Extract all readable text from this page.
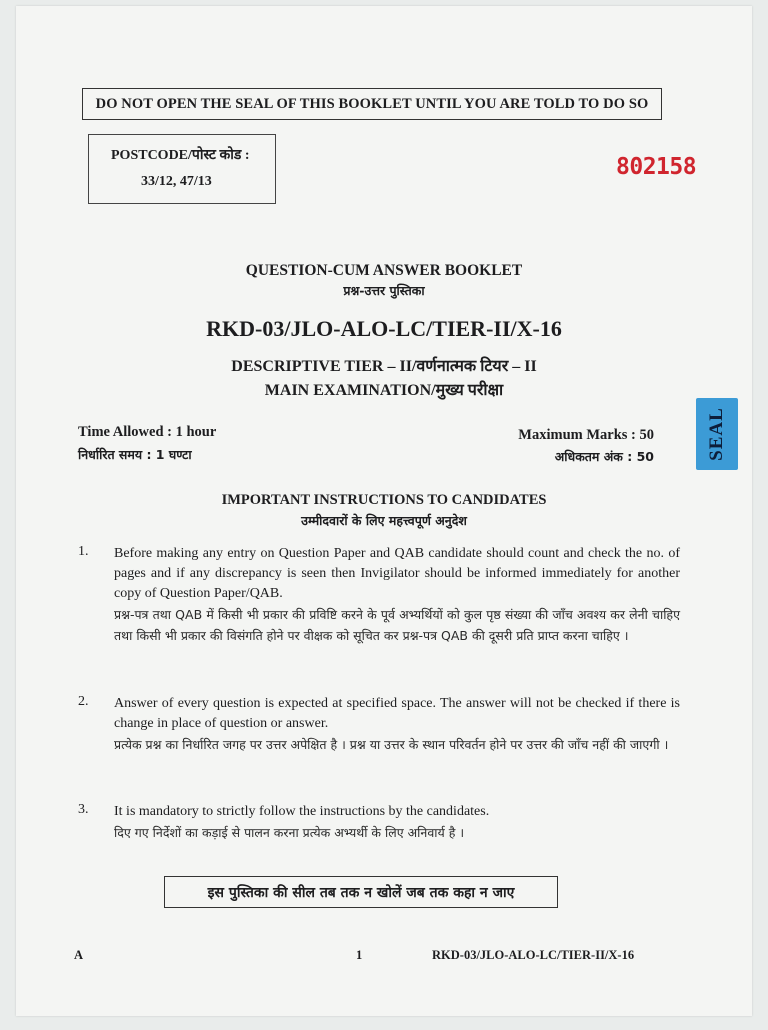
DO NOT OPEN THE SEAL OF THIS BOOKLET UNTIL YOU ARE TOLD TO DO SO
POSTCODE/पोस्ट कोड :
33/12, 47/13
802158
QUESTION-CUM ANSWER BOOKLET
प्रश्न-उत्तर पुस्तिका
RKD-03/JLO-ALO-LC/TIER-II/X-16
DESCRIPTIVE TIER – II/वर्णनात्मक टियर – II
MAIN EXAMINATION/मुख्य परीक्षा
Time Allowed : 1 hour
निर्धारित समय : 1 घण्टा
Maximum Marks : 50
अधिकतम अंक : 50	SEAL
IMPORTANT INSTRUCTIONS TO CANDIDATES
उम्मीदवारों के लिए महत्त्वपूर्ण अनुदेश
1. Before making any entry on Question Paper and QAB candidate should count and check the no. of pages and if any discrepancy is seen then Invigilator should be informed immediately for another copy of Question Paper/QAB.
प्रश्न-पत्र तथा QAB में किसी भी प्रकार की प्रविष्टि करने के पूर्व अभ्यर्थियों को कुल पृष्ठ संख्या की जाँच अवश्य कर लेनी चाहिए तथा किसी भी प्रकार की विसंगति होने पर वीक्षक को सूचित कर प्रश्न-पत्र QAB की दूसरी प्रति प्राप्त करना चाहिए ।
2. Answer of every question is expected at specified space. The answer will not be checked if there is change in place of question or answer.
प्रत्येक प्रश्न का निर्धारित जगह पर उत्तर अपेक्षित है । प्रश्न या उत्तर के स्थान परिवर्तन होने पर उत्तर की जाँच नहीं की जाएगी ।
3. It is mandatory to strictly follow the instructions by the candidates.
दिए गए निर्देशों का कड़ाई से पालन करना प्रत्येक अभ्यर्थी के लिए अनिवार्य है ।
इस पुस्तिका की सील तब तक न खोलें जब तक कहा न जाए
A	1	RKD-03/JLO-ALO-LC/TIER-II/X-16
